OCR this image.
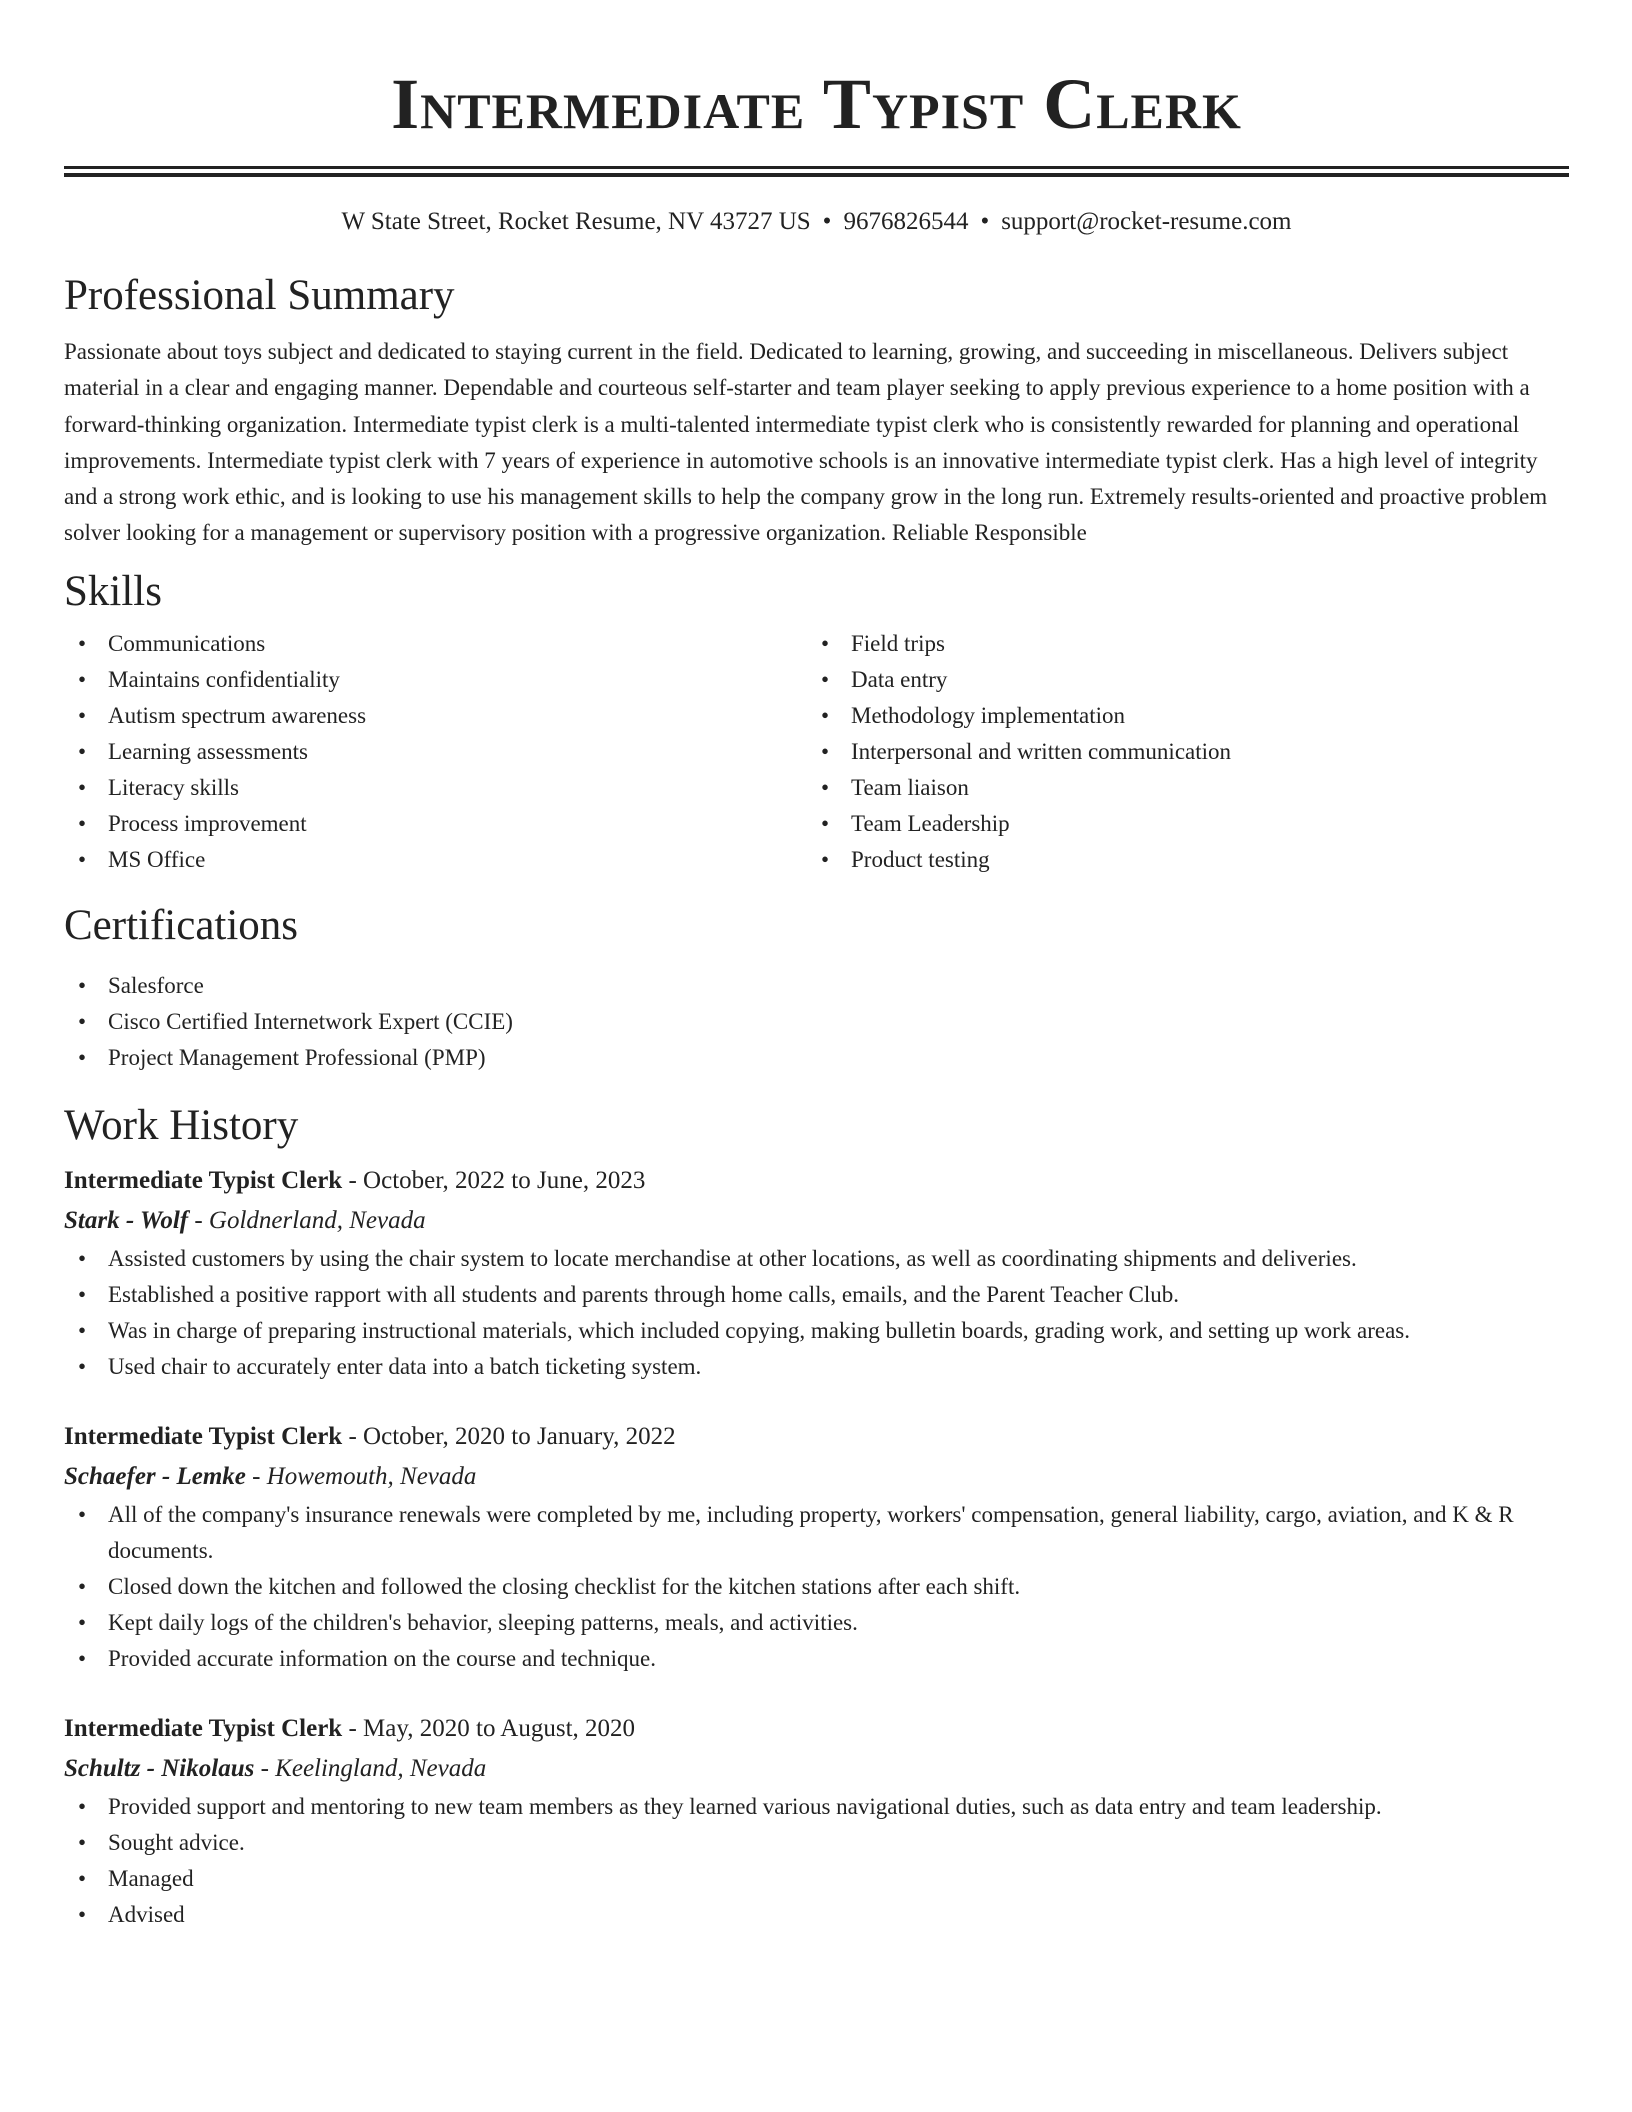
Intermediate Typist Clerk
W State Street, Rocket Resume, NV 43727 US • 9676826544 • support@rocket-resume.com
Professional Summary

Passionate about toys subject and dedicated to staying current in the field. Dedicated to learning, growing, and succeeding in miscellaneous. Delivers subject material in a clear and engaging manner. Dependable and courteous self-starter and team player seeking to apply previous experience to a home position with a forward-thinking organization. Intermediate typist clerk is a multi-talented intermediate typist clerk who is consistently rewarded for planning and operational improvements. Intermediate typist clerk with 7 years of experience in automotive schools is an innovative intermediate typist clerk. Has a high level of integrity and a strong work ethic, and is looking to use his management skills to help the company grow in the long run. Extremely results-oriented and proactive problem solver looking for a management or supervisory position with a progressive organization. Reliable Responsible

Skills
• Communications
• Maintains confidentiality
• Autism spectrum awareness
• Learning assessments
• Literacy skills
• Process improvement
• MS Office
• Field trips
• Data entry
• Methodology implementation
• Interpersonal and written communication
• Team liaison
• Team Leadership
• Product testing
Certifications
• Salesforce
• Cisco Certified Internetwork Expert (CCIE)
• Project Management Professional (PMP)
Work History
Intermediate Typist Clerk - October, 2022 to June, 2023
Stark - Wolf - Goldnerland, Nevada
• Assisted customers by using the chair system to locate merchandise at other locations, as well as coordinating shipments and deliveries.
• Established a positive rapport with all students and parents through home calls, emails, and the Parent Teacher Club.
• Was in charge of preparing instructional materials, which included copying, making bulletin boards, grading work, and setting up work areas.
• Used chair to accurately enter data into a batch ticketing system.
Intermediate Typist Clerk - October, 2020 to January, 2022
Schaefer - Lemke - Howemouth, Nevada
• All of the company's insurance renewals were completed by me, including property, workers' compensation, general liability, cargo, aviation, and K & R documents.
• Closed down the kitchen and followed the closing checklist for the kitchen stations after each shift.
• Kept daily logs of the children's behavior, sleeping patterns, meals, and activities.
• Provided accurate information on the course and technique.
Intermediate Typist Clerk - May, 2020 to August, 2020
Schultz - Nikolaus - Keelingland, Nevada
• Provided support and mentoring to new team members as they learned various navigational duties, such as data entry and team leadership.
• Sought advice.
• Managed
• Advised
